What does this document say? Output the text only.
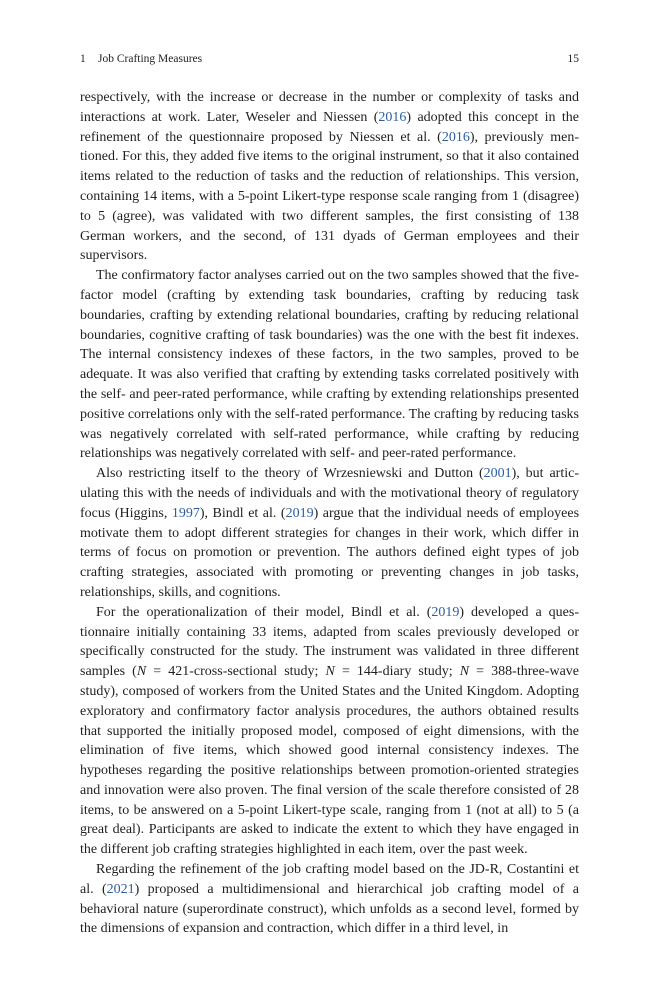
1 Job Crafting Measures	15

respectively, with the increase or decrease in the number or complexity of tasks and interactions at work. Later, Weseler and Niessen (2016) adopted this concept in the refinement of the questionnaire proposed by Niessen et al. (2016), previously mentioned. For this, they added five items to the original instrument, so that it also contained items related to the reduction of tasks and the reduction of relationships. This version, containing 14 items, with a 5-point Likert-type response scale ranging from 1 (disagree) to 5 (agree), was validated with two different samples, the first consisting of 138 German workers, and the second, of 131 dyads of German employees and their supervisors.

The confirmatory factor analyses carried out on the two samples showed that the five-factor model (crafting by extending task boundaries, crafting by reducing task boundaries, crafting by extending relational boundaries, crafting by reducing relational boundaries, cognitive crafting of task boundaries) was the one with the best fit indexes. The internal consistency indexes of these factors, in the two samples, proved to be adequate. It was also verified that crafting by extending tasks correlated positively with the self- and peer-rated performance, while crafting by extending relationships presented positive correlations only with the self-rated performance. The crafting by reducing tasks was negatively correlated with self-rated performance, while crafting by reducing relationships was negatively correlated with self- and peer-rated performance.

Also restricting itself to the theory of Wrzesniewski and Dutton (2001), but articulating this with the needs of individuals and with the motivational theory of regulatory focus (Higgins, 1997), Bindl et al. (2019) argue that the individual needs of employees motivate them to adopt different strategies for changes in their work, which differ in terms of focus on promotion or prevention. The authors defined eight types of job crafting strategies, associated with promoting or preventing changes in job tasks, relationships, skills, and cognitions.

For the operationalization of their model, Bindl et al. (2019) developed a questionnaire initially containing 33 items, adapted from scales previously developed or specifically constructed for the study. The instrument was validated in three different samples (N = 421-cross-sectional study; N = 144-diary study; N = 388-three-wave study), composed of workers from the United States and the United Kingdom. Adopting exploratory and confirmatory factor analysis procedures, the authors obtained results that supported the initially proposed model, composed of eight dimensions, with the elimination of five items, which showed good internal consistency indexes. The hypotheses regarding the positive relationships between promotion-oriented strategies and innovation were also proven. The final version of the scale therefore consisted of 28 items, to be answered on a 5-point Likert-type scale, ranging from 1 (not at all) to 5 (a great deal). Participants are asked to indicate the extent to which they have engaged in the different job crafting strategies highlighted in each item, over the past week.

Regarding the refinement of the job crafting model based on the JD-R, Costantini et al. (2021) proposed a multidimensional and hierarchical job crafting model of a behavioral nature (superordinate construct), which unfolds as a second level, formed by the dimensions of expansion and contraction, which differ in a third level, in
